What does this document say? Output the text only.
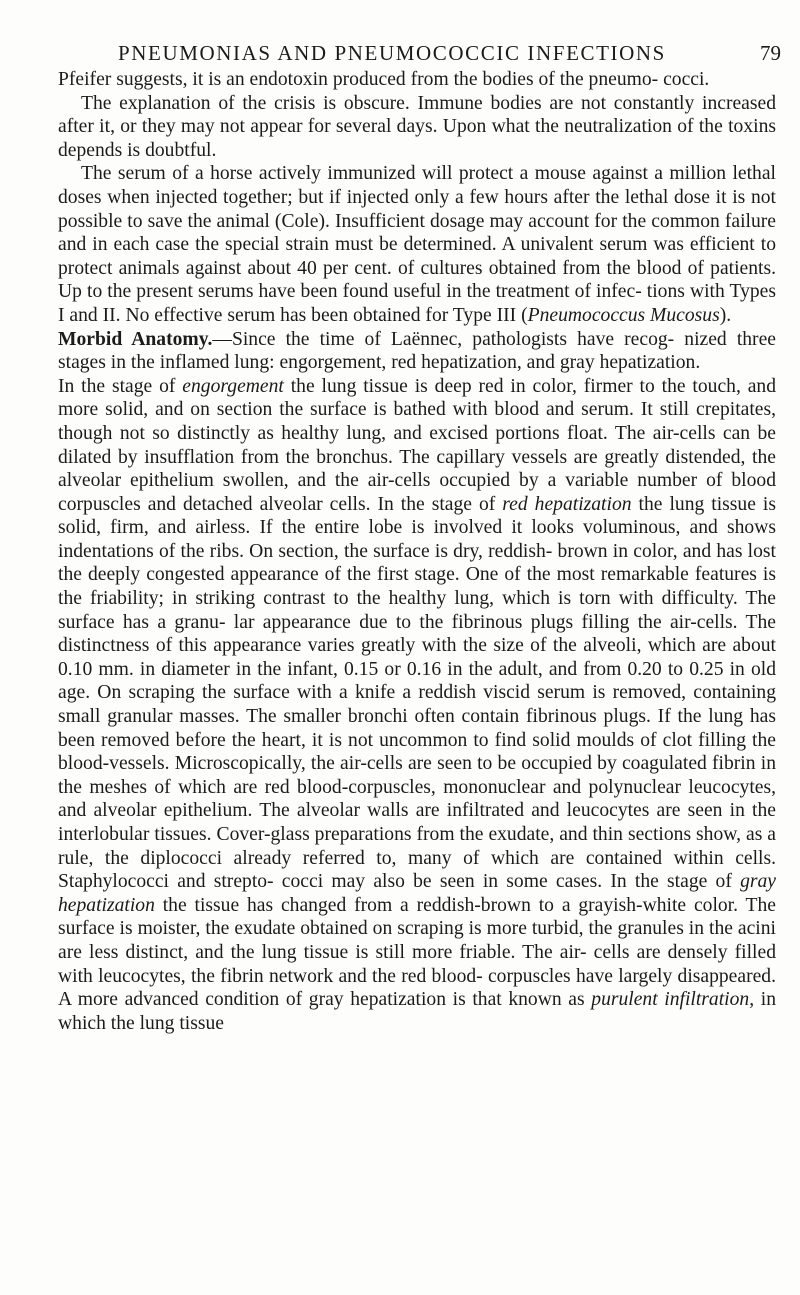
PNEUMONIAS AND PNEUMOCOCCIC INFECTIONS	79

Pfeifer suggests, it is an endotoxin produced from the bodies of the pneumo- cocci.

The explanation of the crisis is obscure. Immune bodies are not constantly increased after it, or they may not appear for several days. Upon what the neutralization of the toxins depends is doubtful.

The serum of a horse actively immunized will protect a mouse against a million lethal doses when injected together; but if injected only a few hours after the lethal dose it is not possible to save the animal (Cole). Insufficient dosage may account for the common failure and in each case the special strain must be determined. A univalent serum was efficient to protect animals against about 40 per cent. of cultures obtained from the blood of patients. Up to the present serums have been found useful in the treatment of infec- tions with Types I and II. No effective serum has been obtained for Type III (Pneumococcus Mucosus).

Morbid Anatomy.—Since the time of Laënnec, pathologists have recog- nized three stages in the inflamed lung: engorgement, red hepatization, and gray hepatization.

In the stage of engorgement the lung tissue is deep red in color, firmer to the touch, and more solid, and on section the surface is bathed with blood and serum. It still crepitates, though not so distinctly as healthy lung, and excised portions float. The air-cells can be dilated by insufflation from the bronchus. The capillary vessels are greatly distended, the alveolar epithelium swollen, and the air-cells occupied by a variable number of blood corpuscles and detached alveolar cells. In the stage of red hepatization the lung tissue is solid, firm, and airless. If the entire lobe is involved it looks voluminous, and shows indentations of the ribs. On section, the surface is dry, reddish- brown in color, and has lost the deeply congested appearance of the first stage. One of the most remarkable features is the friability; in striking contrast to the healthy lung, which is torn with difficulty. The surface has a granu- lar appearance due to the fibrinous plugs filling the air-cells. The distinctness of this appearance varies greatly with the size of the alveoli, which are about 0.10 mm. in diameter in the infant, 0.15 or 0.16 in the adult, and from 0.20 to 0.25 in old age. On scraping the surface with a knife a reddish viscid serum is removed, containing small granular masses. The smaller bronchi often contain fibrinous plugs. If the lung has been removed before the heart, it is not uncommon to find solid moulds of clot filling the blood-vessels. Microscopically, the air-cells are seen to be occupied by coagulated fibrin in the meshes of which are red blood-corpuscles, mononuclear and polynuclear leucocytes, and alveolar epithelium. The alveolar walls are infiltrated and leucocytes are seen in the interlobular tissues. Cover-glass preparations from the exudate, and thin sections show, as a rule, the diplococci already referred to, many of which are contained within cells. Staphylococci and strepto- cocci may also be seen in some cases. In the stage of gray hepatization the tissue has changed from a reddish-brown to a grayish-white color. The surface is moister, the exudate obtained on scraping is more turbid, the granules in the acini are less distinct, and the lung tissue is still more friable. The air- cells are densely filled with leucocytes, the fibrin network and the red blood- corpuscles have largely disappeared. A more advanced condition of gray hepatization is that known as purulent infiltration, in which the lung tissue
